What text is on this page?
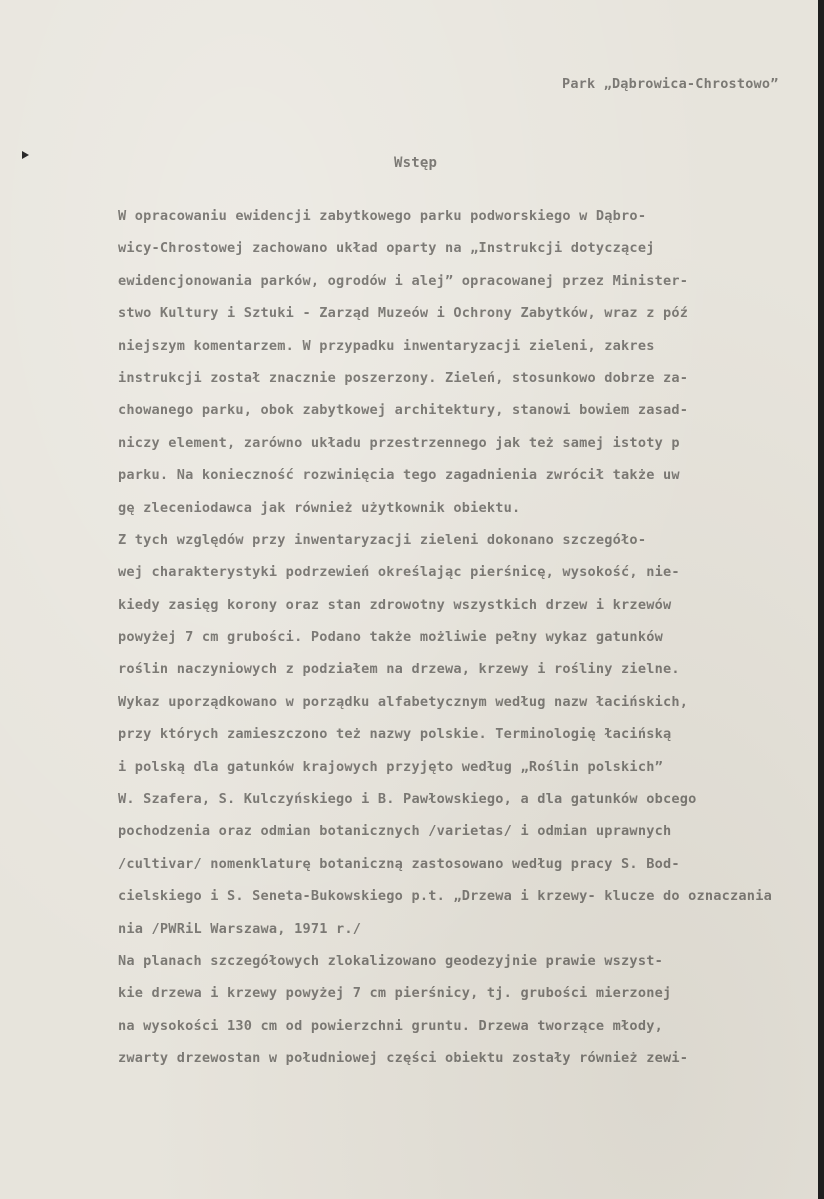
Park „Dąbrowica-Chrostowo”
Wstęp
W opracowaniu ewidencji zabytkowego parku podworskiego w Dąbro-
wicy-Chrostowej zachowano układ oparty na „Instrukcji dotyczącej
ewidencjonowania parków, ogrodów i alej” opracowanej przez Minister-
stwo Kultury i Sztuki - Zarząd Muzeów i Ochrony Zabytków, wraz z póź
niejszym komentarzem. W przypadku inwentaryzacji zieleni, zakres
instrukcji został znacznie poszerzony. Zieleń, stosunkowo dobrze za-
chowanego parku, obok zabytkowej architektury, stanowi bowiem zasad-
niczy element, zarówno układu przestrzennego jak też samej istoty p
parku. Na konieczność rozwinięcia tego zagadnienia zwrócił także uw
gę zleceniodawca jak również użytkownik obiektu.
Z tych względów przy inwentaryzacji zieleni dokonano szczegóło-
wej charakterystyki podrzewień określając pierśnicę, wysokość, nie-
kiedy zasięg korony oraz stan zdrowotny wszystkich drzew i krzewów
powyżej 7 cm grubości. Podano także możliwie pełny wykaz gatunków
roślin naczyniowych z podziałem na drzewa, krzewy i rośliny zielne.
Wykaz uporządkowano w porządku alfabetycznym według nazw łacińskich,
przy których zamieszczono też nazwy polskie. Terminologię łacińską
i polską dla gatunków krajowych przyjęto według „Roślin polskich”
W. Szafera, S. Kulczyńskiego i B. Pawłowskiego, a dla gatunków obcego
pochodzenia oraz odmian botanicznych /varietas/ i odmian uprawnych
/cultivar/ nomenklaturę botaniczną zastosowano według pracy S. Bod-
cielskiego i S. Seneta-Bukowskiego p.t. „Drzewa i krzewy- klucze do oznaczania
nia /PWRiL Warszawa, 1971 r./
Na planach szczegółowych zlokalizowano geodezyjnie prawie wszyst-
kie drzewa i krzewy powyżej 7 cm pierśnicy, tj. grubości mierzonej
na wysokości 130 cm od powierzchni gruntu. Drzewa tworzące młody,
zwarty drzewostan w południowej części obiektu zostały również zewi-
